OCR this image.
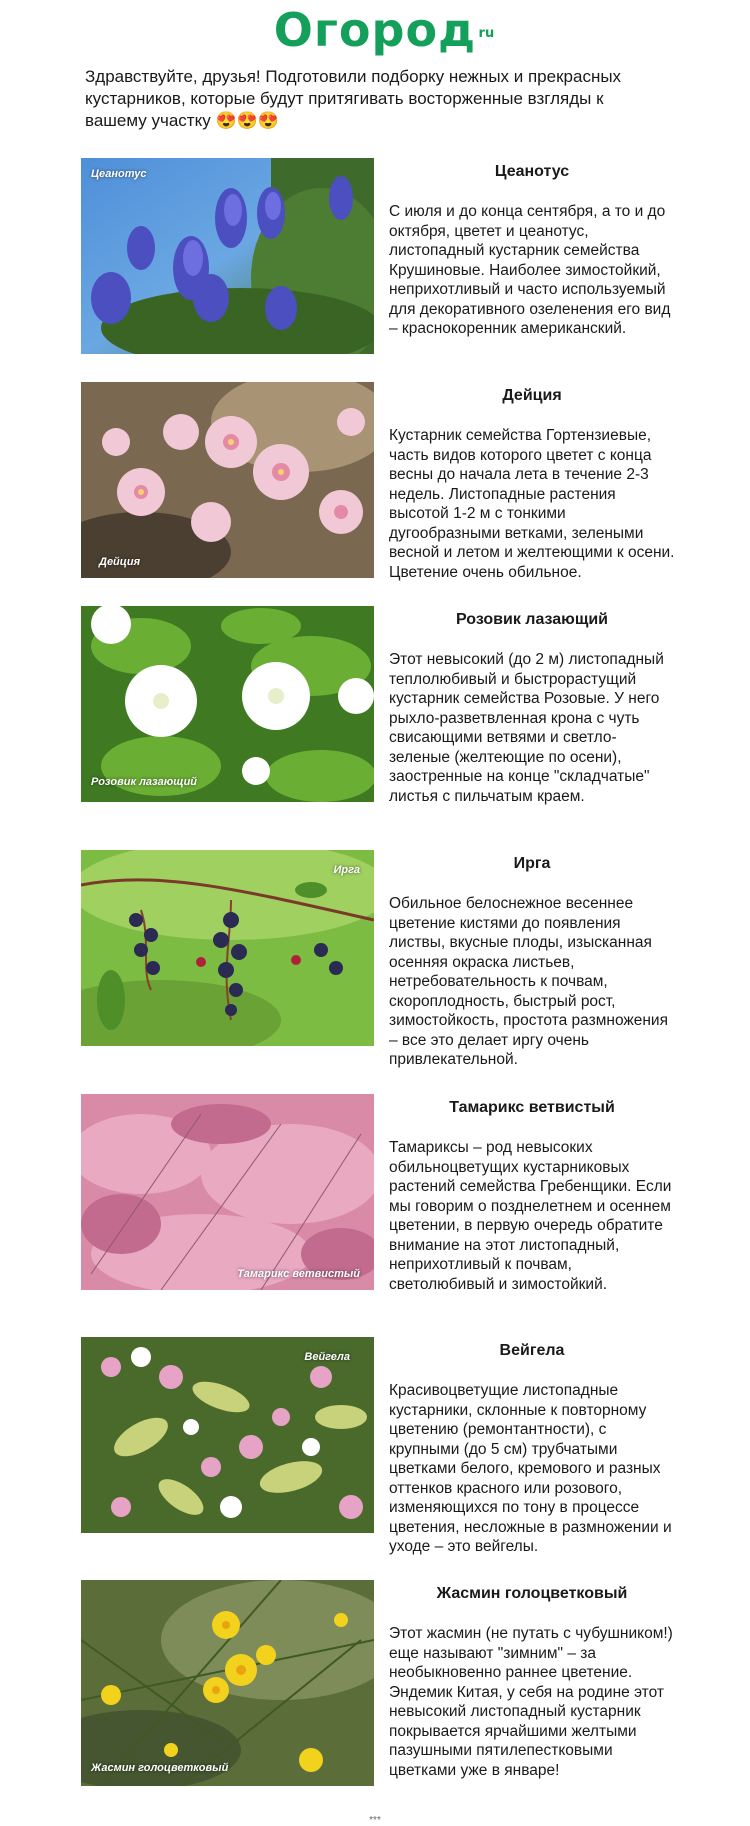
Огород ru
Здравствуйте, друзья! Подготовили подборку нежных и прекрасных кустарников, которые будут притягивать восторженные взгляды к вашему участку 😍😍😍
Цеанотус	Цеанотус
С июля и до конца сентября, а то и до октября, цветет и цеанотус, листопадный кустарник семейства Крушиновые. Наиболее зимостойкий, неприхотливый и часто используемый для декоративного озеленения его вид – краснокоренник американский.
Дейция
Дейция
Кустарник семейства Гортензиевые, часть видов которого цветет с конца весны до начала лета в течение 2-3 недель. Листопадные растения высотой 1-2 м с тонкими дугообразными ветками, зелеными весной и летом и желтеющими к осени. Цветение очень обильное.
Розовик лазающий
Розовик лазающий
Этот невысокий (до 2 м) листопадный теплолюбивый и быстрорастущий кустарник семейства Розовые. У него рыхло-разветвленная крона с чуть свисающими ветвями и светло-зеленые (желтеющие по осени), заостренные на конце "складчатые" листья с пильчатым краем.
Ирга	Ирга
Обильное белоснежное весеннее цветение кистями до появления листвы, вкусные плоды, изысканная осенняя окраска листьев, нетребовательность к почвам, скороплодность, быстрый рост, зимостойкость, простота размножения – все это делает иргу очень привлекательной.
Тамарикс ветвистый
Тамарикс ветвистый
Тамариксы – род невысоких обильноцветущих кустарниковых растений семейства Гребенщики. Если мы говорим о позднелетнем и осеннем цветении, в первую очередь обратите внимание на этот листопадный, неприхотливый к почвам, светолюбивый и зимостойкий.
Вейгела	Вейгела
Красивоцветущие листопадные кустарники, склонные к повторному цветению (ремонтантности), с крупными (до 5 см) трубчатыми цветками белого, кремового и разных оттенков красного или розового, изменяющихся по тону в процессе цветения, несложные в размножении и уходе – это вейгелы.
Жасмин голоцветковый
Жасмин голоцветковый
Этот жасмин (не путать с чубушником!) еще называют "зимним" – за необыкновенно раннее цветение. Эндемик Китая, у себя на родине этот невысокий листопадный кустарник покрывается ярчайшими желтыми пазушными пятилепестковыми цветками уже в январе!
***
